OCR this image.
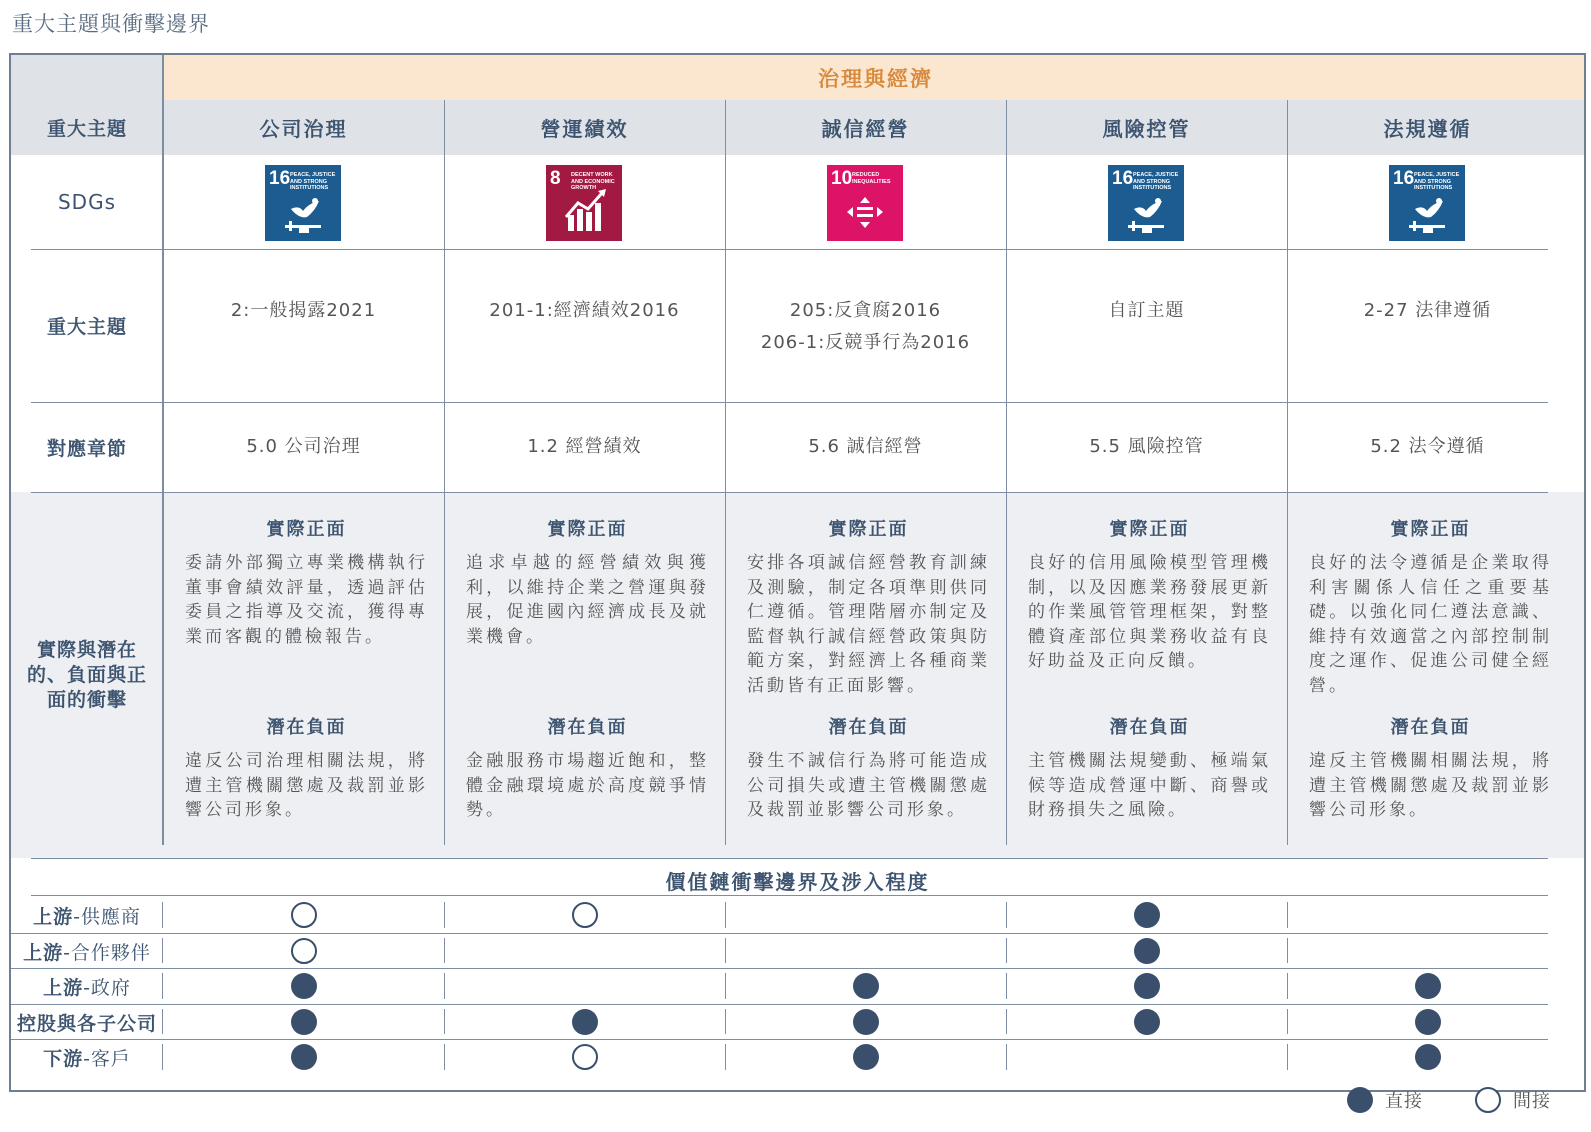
重大主題與衝擊邊界
治理與經濟
重大主題
SDGs
重大主題
對應章節
實際與潛在的、負面與正面的衝擊
公司治理
16 PEACE, JUSTICE AND STRONG INSTITUTIONS
2:一般揭露2021
5.0 公司治理
實際正面
委請外部獨立專業機構執行董事會績效評量，透過評估委員之指導及交流，獲得專業而客觀的體檢報告。
潛在負面
違反公司治理相關法規，將遭主管機關懲處及裁罰並影響公司形象。
營運績效
8 DECENT WORK AND ECONOMIC GROWTH
201-1:經濟績效2016
1.2 經營績效
實際正面
追求卓越的經營績效與獲利，以維持企業之營運與發展，促進國內經濟成長及就業機會。
潛在負面
金融服務市場趨近飽和，整體金融環境處於高度競爭情勢。
誠信經營
10 REDUCED INEQUALITIES
205:反貪腐2016
206-1:反競爭行為2016
5.6 誠信經營
實際正面
安排各項誠信經營教育訓練及測驗，制定各項準則供同仁遵循。管理階層亦制定及監督執行誠信經營政策與防範方案，對經濟上各種商業活動皆有正面影響。
潛在負面
發生不誠信行為將可能造成公司損失或遭主管機關懲處及裁罰並影響公司形象。
風險控管
16 PEACE, JUSTICE AND STRONG INSTITUTIONS
自訂主題
5.5 風險控管
實際正面
良好的信用風險模型管理機制，以及因應業務發展更新的作業風管管理框架，對整體資產部位與業務收益有良好助益及正向反饋。
潛在負面
主管機關法規變動、極端氣候等造成營運中斷、商譽或財務損失之風險。
法規遵循
16 PEACE, JUSTICE AND STRONG INSTITUTIONS
2-27 法律遵循
5.2 法令遵循
實際正面
良好的法令遵循是企業取得利害關係人信任之重要基礎。以強化同仁遵法意識、維持有效適當之內部控制制度之運作、促進公司健全經營。
潛在負面
違反主管機關相關法規，將遭主管機關懲處及裁罰並影響公司形象。
價值鏈衝擊邊界及涉入程度
上游-供應商
上游-合作夥伴
上游-政府
控股與各子公司
下游-客戶
直接	間接
